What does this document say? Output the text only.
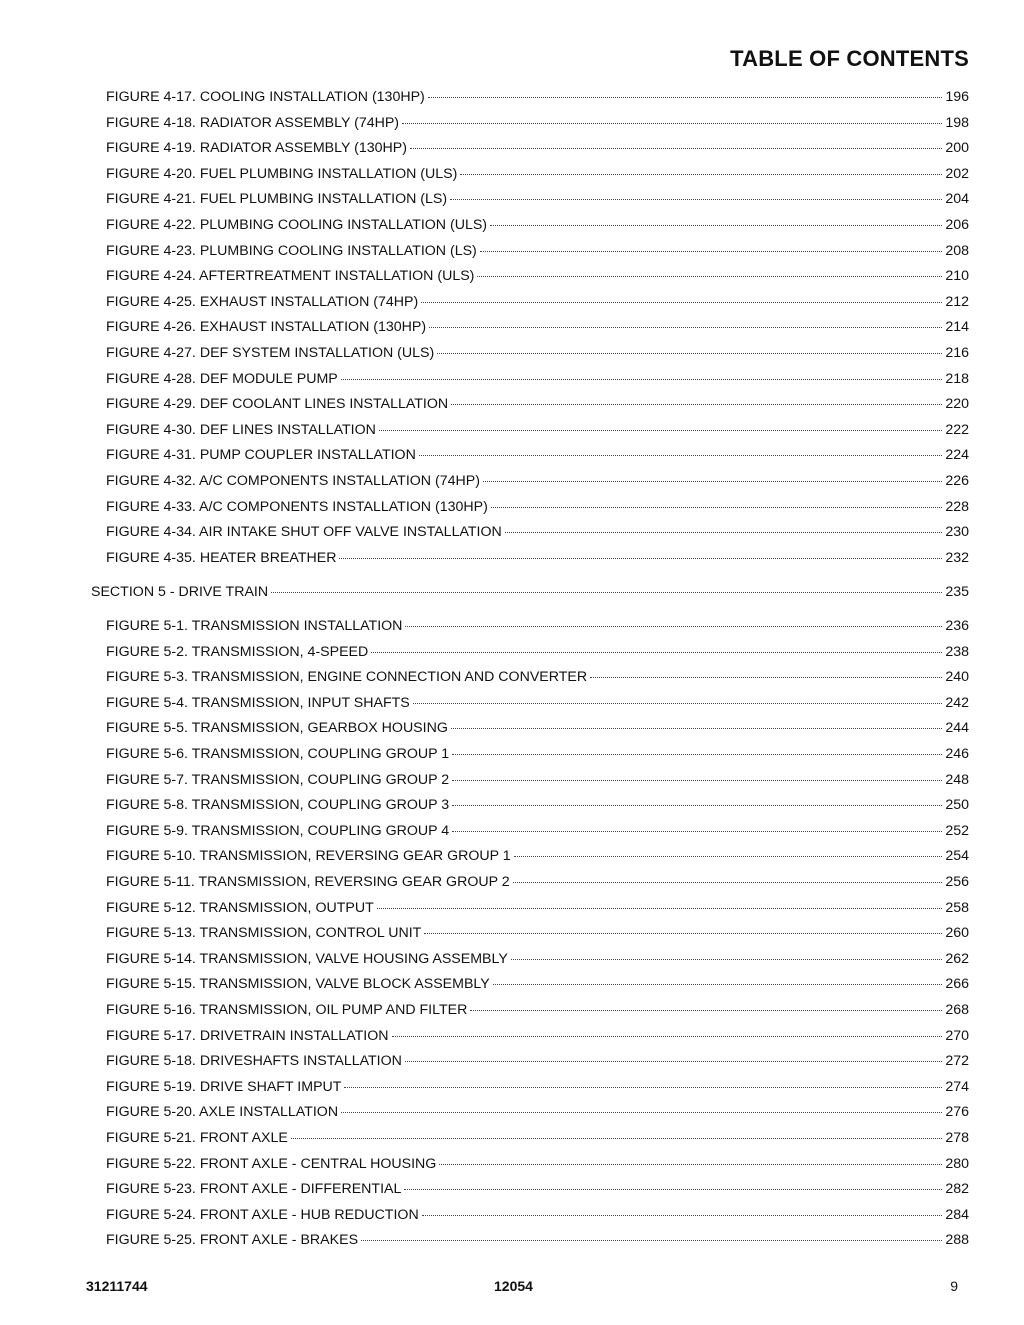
TABLE OF CONTENTS
FIGURE 4-17. COOLING INSTALLATION (130HP)	196
FIGURE 4-18. RADIATOR ASSEMBLY (74HP)	198
FIGURE 4-19. RADIATOR ASSEMBLY (130HP)	200
FIGURE 4-20. FUEL PLUMBING INSTALLATION (ULS)	202
FIGURE 4-21. FUEL PLUMBING INSTALLATION (LS)	204
FIGURE 4-22. PLUMBING COOLING INSTALLATION (ULS)	206
FIGURE 4-23. PLUMBING COOLING INSTALLATION (LS)	208
FIGURE 4-24. AFTERTREATMENT INSTALLATION (ULS)	210
FIGURE 4-25. EXHAUST INSTALLATION (74HP)	212
FIGURE 4-26. EXHAUST INSTALLATION (130HP)	214
FIGURE 4-27. DEF SYSTEM INSTALLATION (ULS)	216
FIGURE 4-28. DEF MODULE PUMP	218
FIGURE 4-29. DEF COOLANT LINES INSTALLATION	220
FIGURE 4-30. DEF LINES INSTALLATION	222
FIGURE 4-31. PUMP COUPLER INSTALLATION	224
FIGURE 4-32. A/C COMPONENTS INSTALLATION (74HP)	226
FIGURE 4-33. A/C COMPONENTS INSTALLATION (130HP)	228
FIGURE 4-34. AIR INTAKE SHUT OFF VALVE INSTALLATION	230
FIGURE 4-35. HEATER BREATHER	232
SECTION 5 - DRIVE TRAIN	235
FIGURE 5-1. TRANSMISSION INSTALLATION	236
FIGURE 5-2. TRANSMISSION, 4-SPEED	238
FIGURE 5-3. TRANSMISSION, ENGINE CONNECTION AND CONVERTER	240
FIGURE 5-4. TRANSMISSION, INPUT SHAFTS	242
FIGURE 5-5. TRANSMISSION, GEARBOX HOUSING	244
FIGURE 5-6. TRANSMISSION, COUPLING GROUP 1	246
FIGURE 5-7. TRANSMISSION, COUPLING GROUP 2	248
FIGURE 5-8. TRANSMISSION, COUPLING GROUP 3	250
FIGURE 5-9. TRANSMISSION, COUPLING GROUP 4	252
FIGURE 5-10. TRANSMISSION, REVERSING GEAR GROUP 1	254
FIGURE 5-11. TRANSMISSION, REVERSING GEAR GROUP 2	256
FIGURE 5-12. TRANSMISSION, OUTPUT	258
FIGURE 5-13. TRANSMISSION, CONTROL UNIT	260
FIGURE 5-14. TRANSMISSION, VALVE HOUSING ASSEMBLY	262
FIGURE 5-15. TRANSMISSION, VALVE BLOCK ASSEMBLY	266
FIGURE 5-16. TRANSMISSION, OIL PUMP AND FILTER	268
FIGURE 5-17. DRIVETRAIN INSTALLATION	270
FIGURE 5-18. DRIVESHAFTS INSTALLATION	272
FIGURE 5-19. DRIVE SHAFT IMPUT	274
FIGURE 5-20. AXLE INSTALLATION	276
FIGURE 5-21. FRONT AXLE	278
FIGURE 5-22. FRONT AXLE - CENTRAL HOUSING	280
FIGURE 5-23. FRONT AXLE - DIFFERENTIAL	282
FIGURE 5-24. FRONT AXLE - HUB REDUCTION	284
FIGURE 5-25. FRONT AXLE - BRAKES	288
31211744	12054	9
